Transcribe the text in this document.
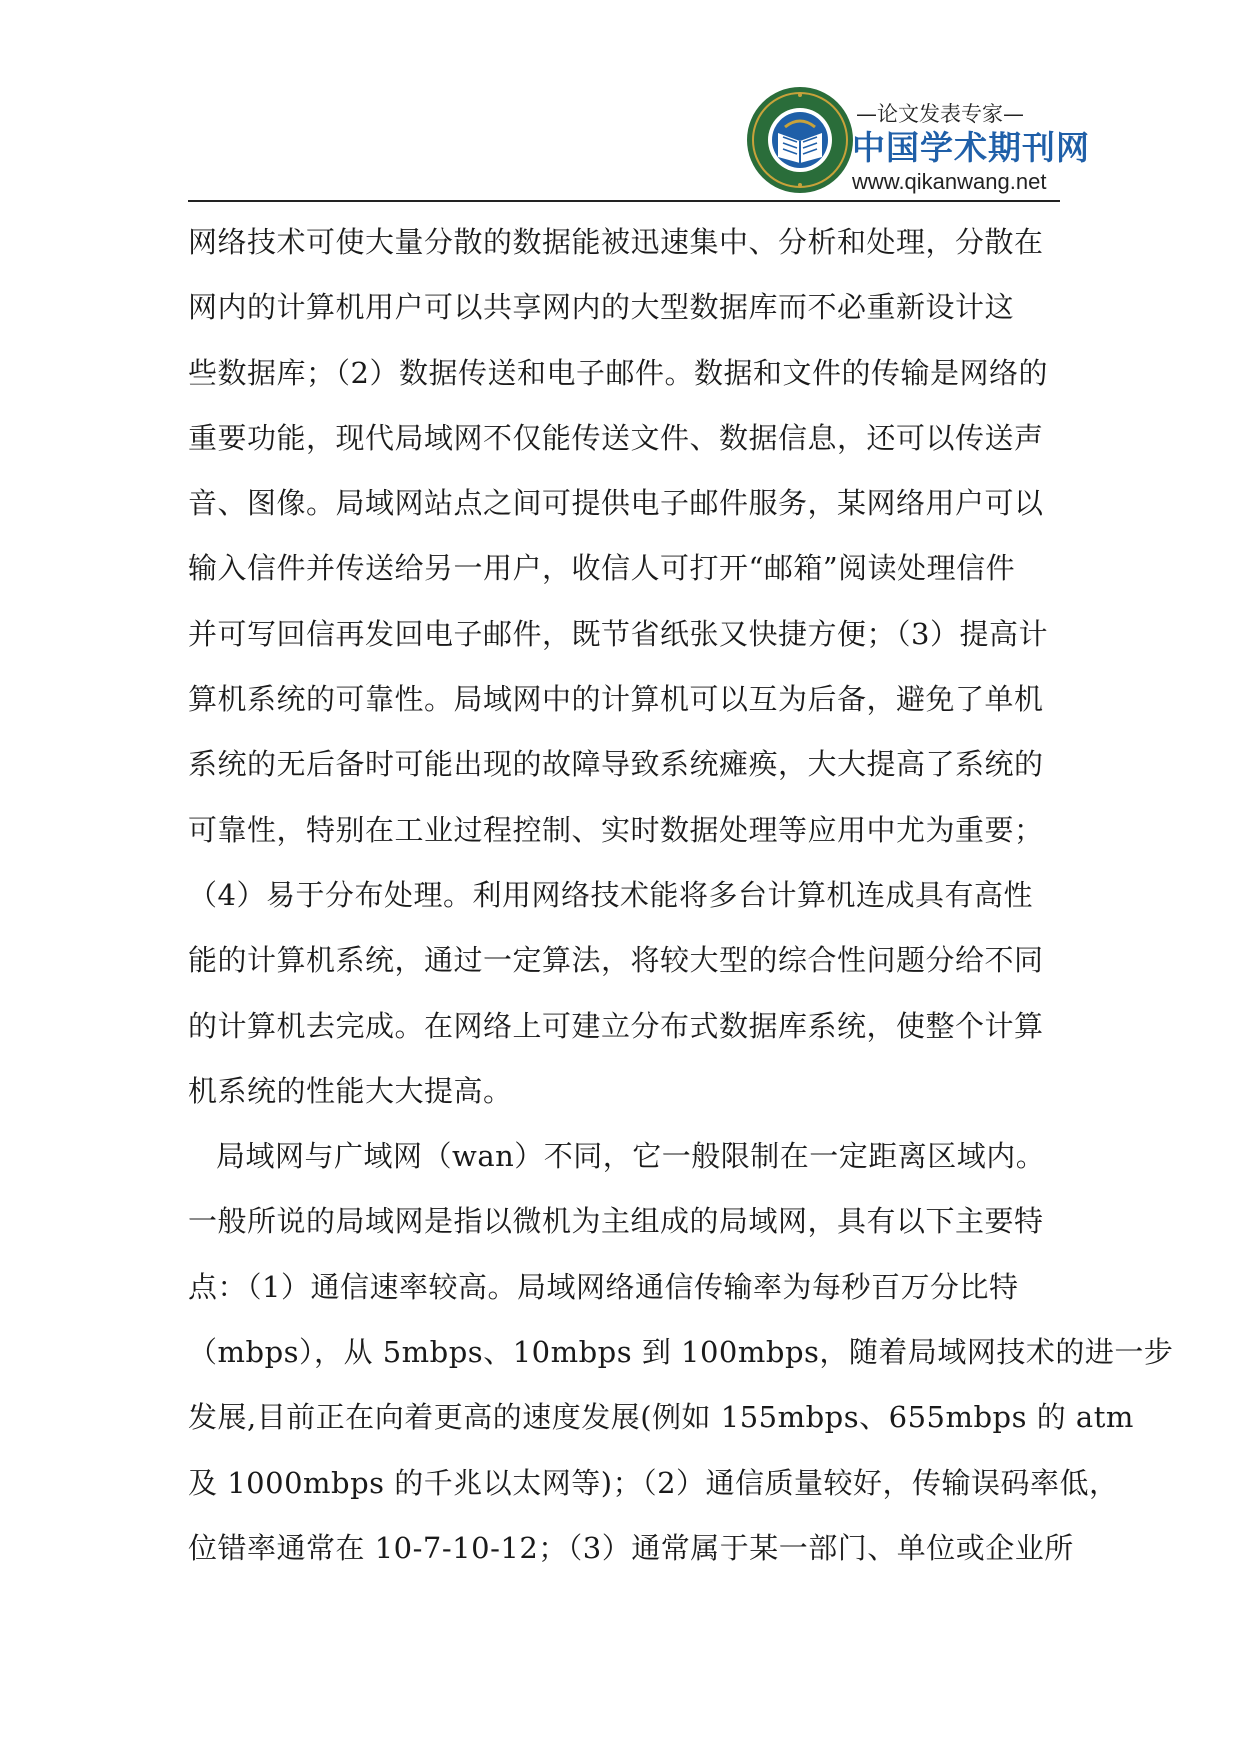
—论文发表专家—
中国学术期刊网
www.qikanwang.net
网络技术可使大量分散的数据能被迅速集中、分析和处理，分散在
网内的计算机用户可以共享网内的大型数据库而不必重新设计这
些数据库；（2）数据传送和电子邮件。数据和文件的传输是网络的
重要功能，现代局域网不仅能传送文件、数据信息，还可以传送声
音、图像。局域网站点之间可提供电子邮件服务，某网络用户可以
输入信件并传送给另一用户，收信人可打开“邮箱”阅读处理信件
并可写回信再发回电子邮件，既节省纸张又快捷方便；（3）提高计
算机系统的可靠性。局域网中的计算机可以互为后备，避免了单机
系统的无后备时可能出现的故障导致系统瘫痪，大大提高了系统的
可靠性，特别在工业过程控制、实时数据处理等应用中尤为重要；
（4）易于分布处理。利用网络技术能将多台计算机连成具有高性
能的计算机系统，通过一定算法，将较大型的综合性问题分给不同
的计算机去完成。在网络上可建立分布式数据库系统，使整个计算
机系统的性能大大提高。
局域网与广域网（wan）不同，它一般限制在一定距离区域内。
一般所说的局域网是指以微机为主组成的局域网，具有以下主要特
点：（1）通信速率较高。局域网络通信传输率为每秒百万分比特
（mbps），从 5mbps、10mbps 到 100mbps，随着局域网技术的进一步
发展,目前正在向着更高的速度发展(例如 155mbps、655mbps 的 atm
及 1000mbps 的千兆以太网等)；（2）通信质量较好，传输误码率低，
位错率通常在 10-7-10-12；（3）通常属于某一部门、单位或企业所
